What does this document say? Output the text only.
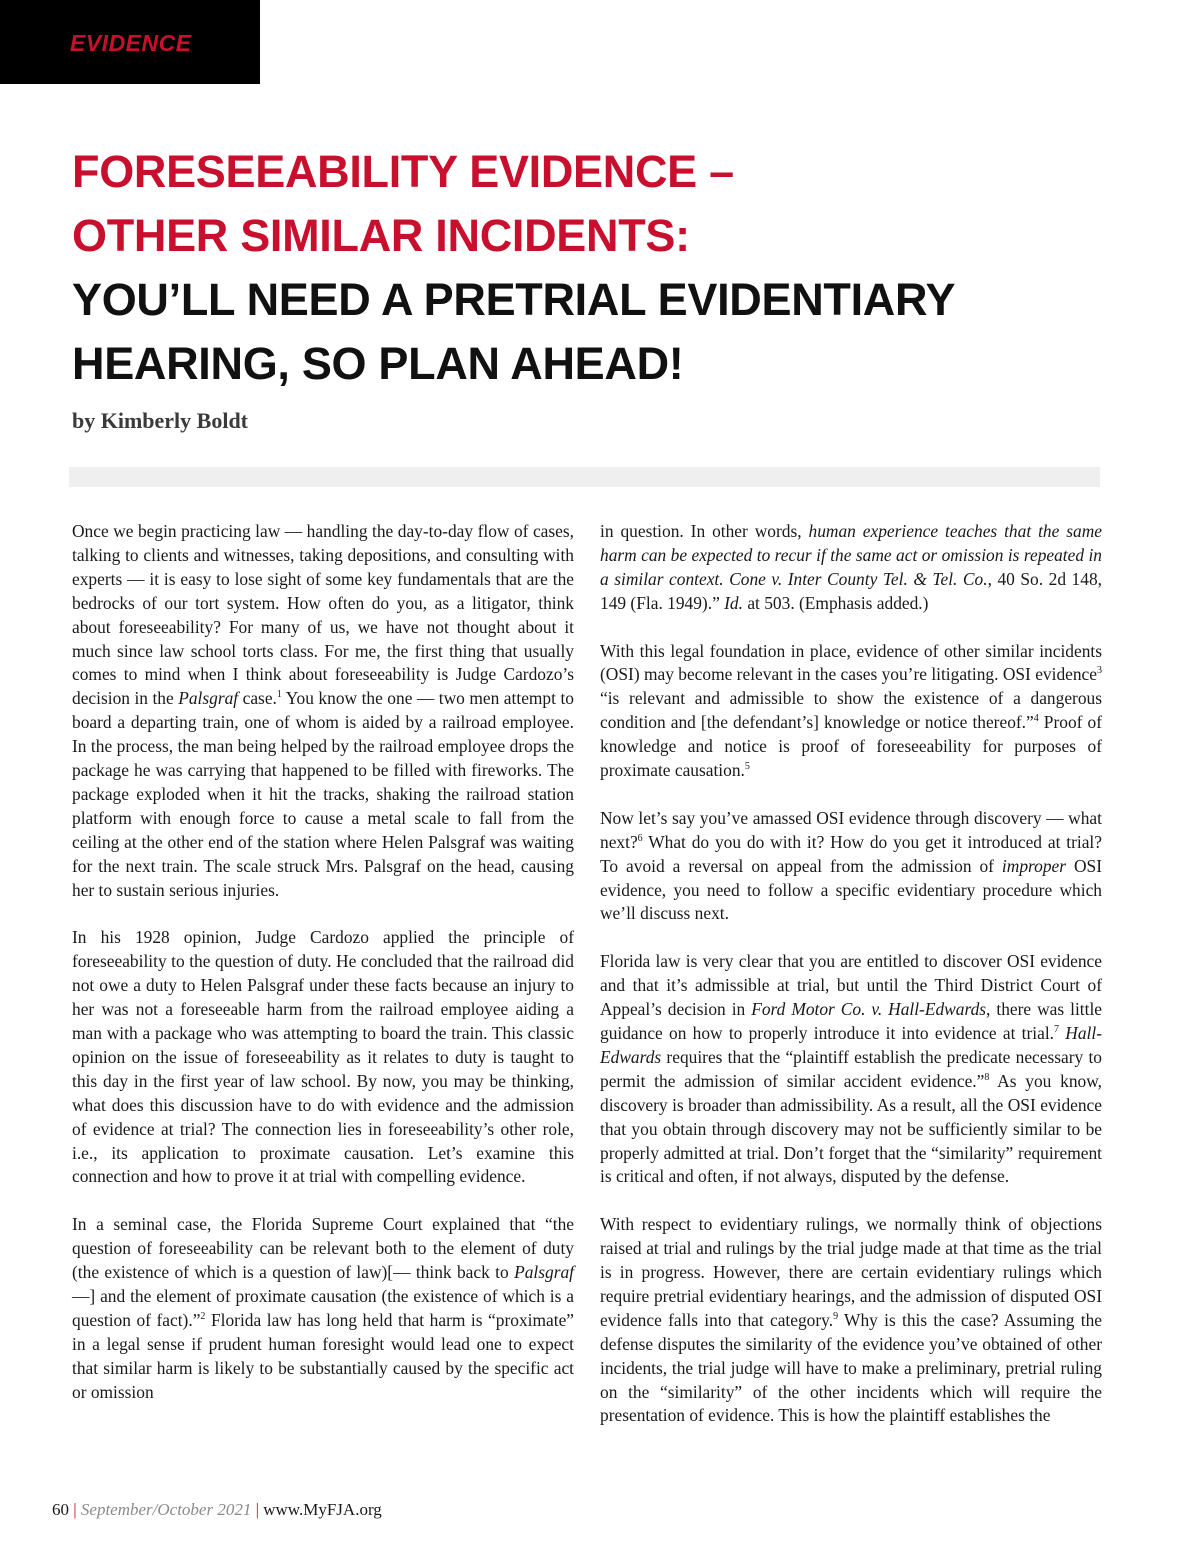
EVIDENCE
FORESEEABILITY EVIDENCE –
OTHER SIMILAR INCIDENTS:
YOU’LL NEED A PRETRIAL EVIDENTIARY
HEARING, SO PLAN AHEAD!
by Kimberly Boldt

Once we begin practicing law — handling the day-to-day flow of cases, talking to clients and witnesses, taking depositions, and consulting with experts — it is easy to lose sight of some key fundamentals that are the bedrocks of our tort system. How often do you, as a litigator, think about foreseeability? For many of us, we have not thought about it much since law school torts class. For me, the first thing that usually comes to mind when I think about foreseeability is Judge Cardozo’s decision in the Palsgraf case.$^1$ You know the one — two men attempt to board a departing train, one of whom is aided by a railroad employee. In the process, the man being helped by the railroad employee drops the package he was carrying that happened to be filled with fireworks. The package exploded when it hit the tracks, shaking the railroad station platform with enough force to cause a metal scale to fall from the ceiling at the other end of the station where Helen Palsgraf was waiting for the next train. The scale struck Mrs. Palsgraf on the head, causing her to sustain serious injuries.

In his 1928 opinion, Judge Cardozo applied the principle of foreseeability to the question of duty. He concluded that the railroad did not owe a duty to Helen Palsgraf under these facts because an injury to her was not a foreseeable harm from the railroad employee aiding a man with a package who was attempting to board the train. This classic opinion on the issue of foreseeability as it relates to duty is taught to this day in the first year of law school. By now, you may be thinking, what does this discussion have to do with evidence and the admission of evidence at trial? The connection lies in foreseeability’s other role, i.e., its application to proximate causation. Let’s examine this connection and how to prove it at trial with compelling evidence.

In a seminal case, the Florida Supreme Court explained that “the question of foreseeability can be relevant both to the element of duty (the existence of which is a question of law)[— think back to Palsgraf —] and the element of proximate causation (the existence of which is a question of fact).”$^2$ Florida law has long held that harm is “proximate” in a legal sense if prudent human foresight would lead one to expect that similar harm is likely to be substantially caused by the specific act or omission

in question. In other words, human experience teaches that the same harm can be expected to recur if the same act or omission is repeated in a similar context. Cone v. Inter County Tel. & Tel. Co., 40 So. 2d 148, 149 (Fla. 1949).” Id. at 503. (Emphasis added.)

With this legal foundation in place, evidence of other similar incidents (OSI) may become relevant in the cases you’re litigating. OSI evidence$^3$ “is relevant and admissible to show the existence of a dangerous condition and [the defendant’s] knowledge or notice thereof.”$^4$ Proof of knowledge and notice is proof of foreseeability for purposes of proximate causation.$^5$

Now let’s say you’ve amassed OSI evidence through discovery — what next?$^6$ What do you do with it? How do you get it introduced at trial? To avoid a reversal on appeal from the admission of improper OSI evidence, you need to follow a specific evidentiary procedure which we’ll discuss next.

Florida law is very clear that you are entitled to discover OSI evidence and that it’s admissible at trial, but until the Third District Court of Appeal’s decision in Ford Motor Co. v. Hall-Edwards, there was little guidance on how to properly introduce it into evidence at trial.$^7$ Hall-Edwards requires that the “plaintiff establish the predicate necessary to permit the admission of similar accident evidence.”$^8$ As you know, discovery is broader than admissibility. As a result, all the OSI evidence that you obtain through discovery may not be sufficiently similar to be properly admitted at trial. Don’t forget that the “similarity” requirement is critical and often, if not always, disputed by the defense.

With respect to evidentiary rulings, we normally think of objections raised at trial and rulings by the trial judge made at that time as the trial is in progress. However, there are certain evidentiary rulings which require pretrial evidentiary hearings, and the admission of disputed OSI evidence falls into that category.$^9$ Why is this the case? Assuming the defense disputes the similarity of the evidence you’ve obtained of other incidents, the trial judge will have to make a preliminary, pretrial ruling on the “similarity” of the other incidents which will require the presentation of evidence. This is how the plaintiff establishes the

60 | September/October 2021 | www.MyFJA.org
